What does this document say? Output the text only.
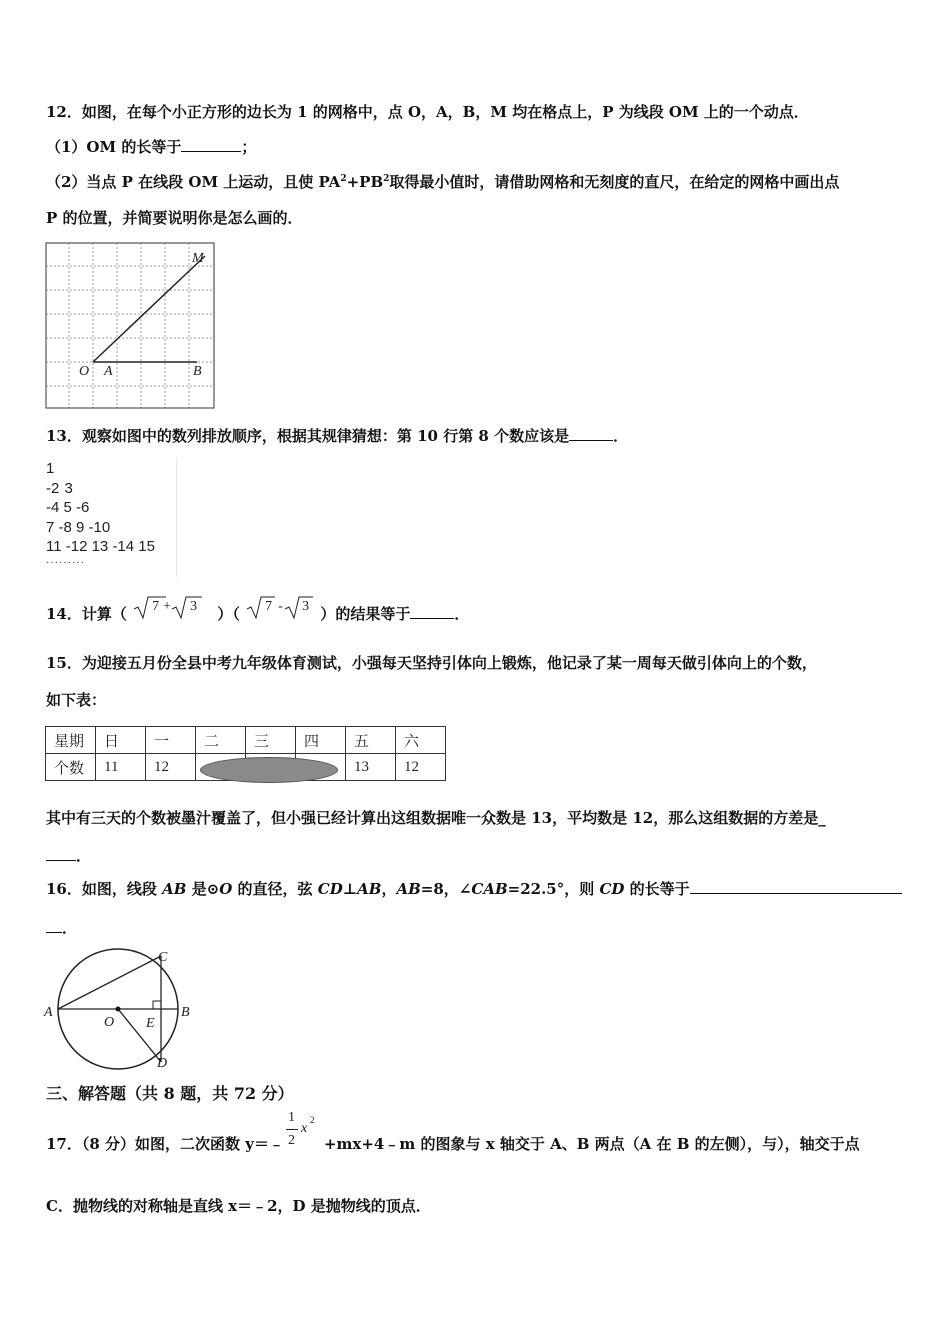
12．如图，在每个小正方形的边长为 1 的网格中，点 O，A，B，M 均在格点上，P 为线段 OM 上的一个动点．
（1）OM 的长等于	；
（2）当点 P 在线段 OM 上运动，且使 $PA^2+PB^2$取得最小值时，请借助网格和无刻度的直尺，在给定的网格中画出点
P 的位置，并简要说明你是怎么画的．
O A	B
M
13．观察如图中的数列排放顺序，根据其规律猜想：第 10 行第 8 个数应该是	．
1
-2 3
-4 5 -6
7 -8 9 -10
11 -12 13 -14 15
·········
14．计算（ 7 + 3 ）（ 7 - 3 ）的结果等于	．
15．为迎接五月份全县中考九年级体育测试，小强每天坚持引体向上锻炼，他记录了某一周每天做引体向上的个数，
如下表：
星期	日	一	二	三	四	五	六
个数	11	12				13	12
其中有三天的个数被墨汁覆盖了，但小强已经计算出这组数据唯一众数是 13，平均数是 12，那么这组数据的方差是_
．
16．如图，线段 AB 是⊙O 的直径，弦 CD⊥AB，AB=8，∠CAB=22.5°，则 CD 的长等于
．
A	B
C
D
O E
三、解答题（共 8 题，共 72 分）
17．（8 分）如图，二次函数 y＝﹣
1
2
x
2
+mx+4﹣m 的图象与 x 轴交于 A、B 两点（A 在 B 的左侧），与），轴交于点
C．抛物线的对称轴是直线 x＝﹣2，D 是抛物线的顶点．
